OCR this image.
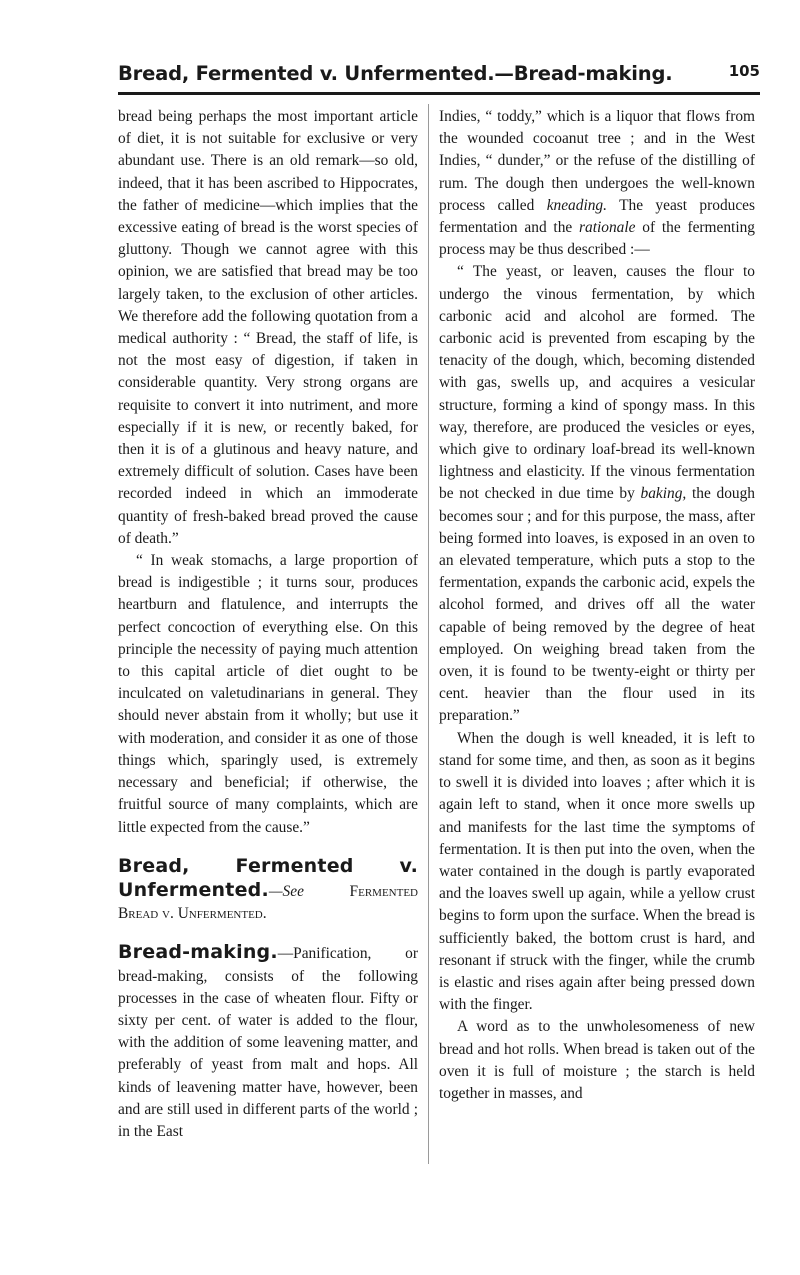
Bread, Fermented v. Unfermented.—Bread-making.	105

bread being perhaps the most important article of diet, it is not suitable for exclusive or very abundant use. There is an old remark—so old, indeed, that it has been ascribed to Hippocrates, the father of medicine—which implies that the excessive eating of bread is the worst species of gluttony. Though we cannot agree with this opinion, we are satisfied that bread may be too largely taken, to the exclusion of other articles. We therefore add the following quotation from a medical authority : “ Bread, the staff of life, is not the most easy of digestion, if taken in considerable quantity. Very strong organs are requisite to convert it into nutriment, and more especially if it is new, or recently baked, for then it is of a glutinous and heavy nature, and extremely difficult of solution. Cases have been recorded indeed in which an immoderate quantity of fresh-baked bread proved the cause of death.”

“ In weak stomachs, a large proportion of bread is indigestible ; it turns sour, produces heartburn and flatulence, and interrupts the perfect concoction of everything else. On this principle the necessity of paying much attention to this capital article of diet ought to be inculcated on valetudinarians in general. They should never abstain from it wholly; but use it with moderation, and consider it as one of those things which, sparingly used, is extremely necessary and beneficial; if otherwise, the fruitful source of many complaints, which are little expected from the cause.”

Bread, Fermented v. Unfermented.—See	Fermented Bread v. Unfermented.

Bread-making.—Panification, or bread-making, consists of the following processes in the case of wheaten flour. Fifty or sixty per cent. of water is added to the flour, with the addition of some leavening matter, and preferably of yeast from malt and hops. All kinds of leavening matter have, however, been and are still used in different parts of the world ; in the East

Indies, “ toddy,” which is a liquor that flows from the wounded cocoanut tree ; and in the West Indies, “ dunder,” or the refuse of the distilling of rum. The dough then undergoes the well-known process called kneading. The yeast produces fermentation and the rationale of the fermenting process may be thus described :—

“ The yeast, or leaven, causes the flour to undergo the vinous fermentation, by which carbonic acid and alcohol are formed. The carbonic acid is prevented from escaping by the tenacity of the dough, which, becoming distended with gas, swells up, and acquires a vesicular structure, forming a kind of spongy mass. In this way, therefore, are produced the vesicles or eyes, which give to ordinary loaf-bread its well-known lightness and elasticity. If the vinous fermentation be not checked in due time by baking, the dough becomes sour ; and for this purpose, the mass, after being formed into loaves, is exposed in an oven to an elevated temperature, which puts a stop to the fermentation, expands the carbonic acid, expels the alcohol formed, and drives off all the water capable of being removed by the degree of heat employed. On weighing bread taken from the oven, it is found to be twenty-eight or thirty per cent. heavier than the flour used in its preparation.”

When the dough is well kneaded, it is left to stand for some time, and then, as soon as it begins to swell it is divided into loaves ; after which it is again left to stand, when it once more swells up and manifests for the last time the symptoms of fermentation. It is then put into the oven, when the water contained in the dough is partly evaporated and the loaves swell up again, while a yellow crust begins to form upon the surface. When the bread is sufficiently baked, the bottom crust is hard, and resonant if struck with the finger, while the crumb is elastic and rises again after being pressed down with the finger.

A word as to the unwholesomeness of new bread and hot rolls. When bread is taken out of the oven it is full of moisture ; the starch is held together in masses, and
